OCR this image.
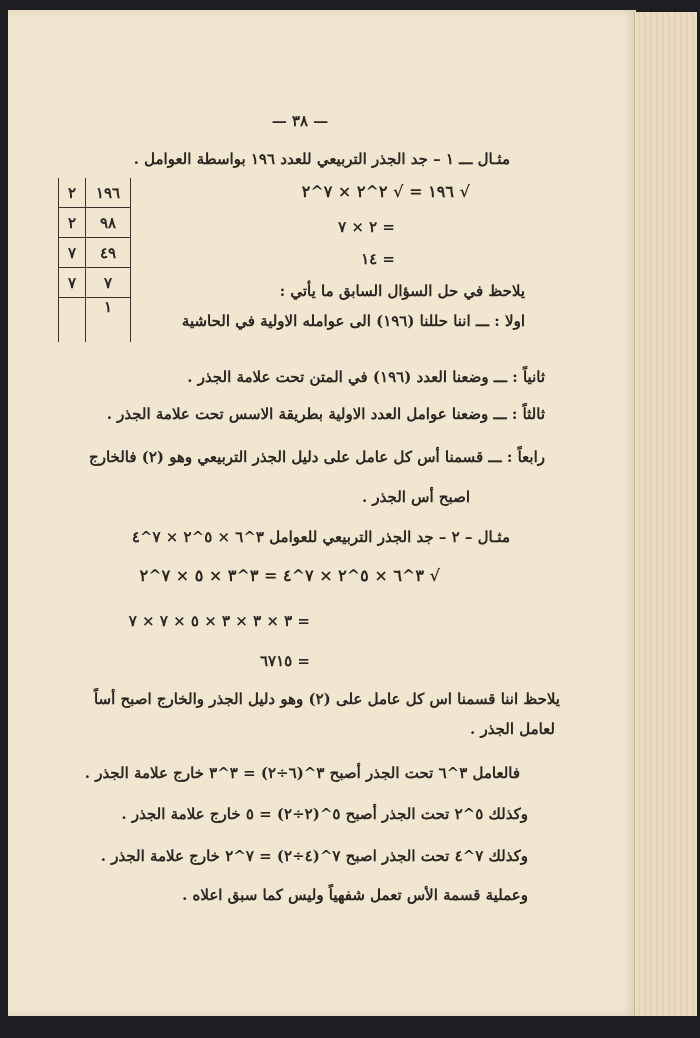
— ٣٨ —

مثـال ـــ ١ – جد الجذر التربيعي للعدد ١٩٦ بواسطة العوامل .

√ ١٩٦ = √ ٢^٢ × ٧^٢

= ٢ × ٧

= ١٤

٢	١٩٦
٢	٩٨
٧	٤٩
٧	٧
	١

يلاحظ في حل السؤال السابق ما يأتي :

اولا : ـــ اننا حللنا (١٩٦) الى عوامله الاولية في الحاشية

ثانياً : ـــ وضعنا العدد (١٩٦) في المتن تحت علامة الجذر .

ثالثاً : ـــ وضعنا عوامل العدد الاولية بطريقة الاسس تحت علامة الجذر .

رابعاً : ـــ قسمنا أس كل عامل على دليل الجذر التربيعي وهو (٢) فالخارج

اصبح أس الجذر .

مثـال – ٢ – جد الجذر التربيعي للعوامل ٣^٦ × ٥^٢ × ٧^٤

√ ٣^٦ × ٥^٢ × ٧^٤ = ٣^٣ × ٥ × ٧^٢

= ٣ × ٣ × ٣ × ٥ × ٧ × ٧

= ٦٧١٥

يلاحظ اننا قسمنا اس كل عامل على (٢) وهو دليل الجذر والخارج اصبح أساً

لعامل الجذر .

فالعامل ٣^٦ تحت الجذر أصبح ٣^(٦÷٢) = ٣^٣ خارج علامة الجذر .

وكذلك ٥^٢ تحت الجذر أصبح ٥^(٢÷٢) = ٥ خارج علامة الجذر .

وكذلك ٧^٤ تحت الجذر اصبح ٧^(٤÷٢) = ٧^٢ خارج علامة الجذر .

وعملية قسمة الأس تعمل شفهياً وليس كما سبق اعلاه .
